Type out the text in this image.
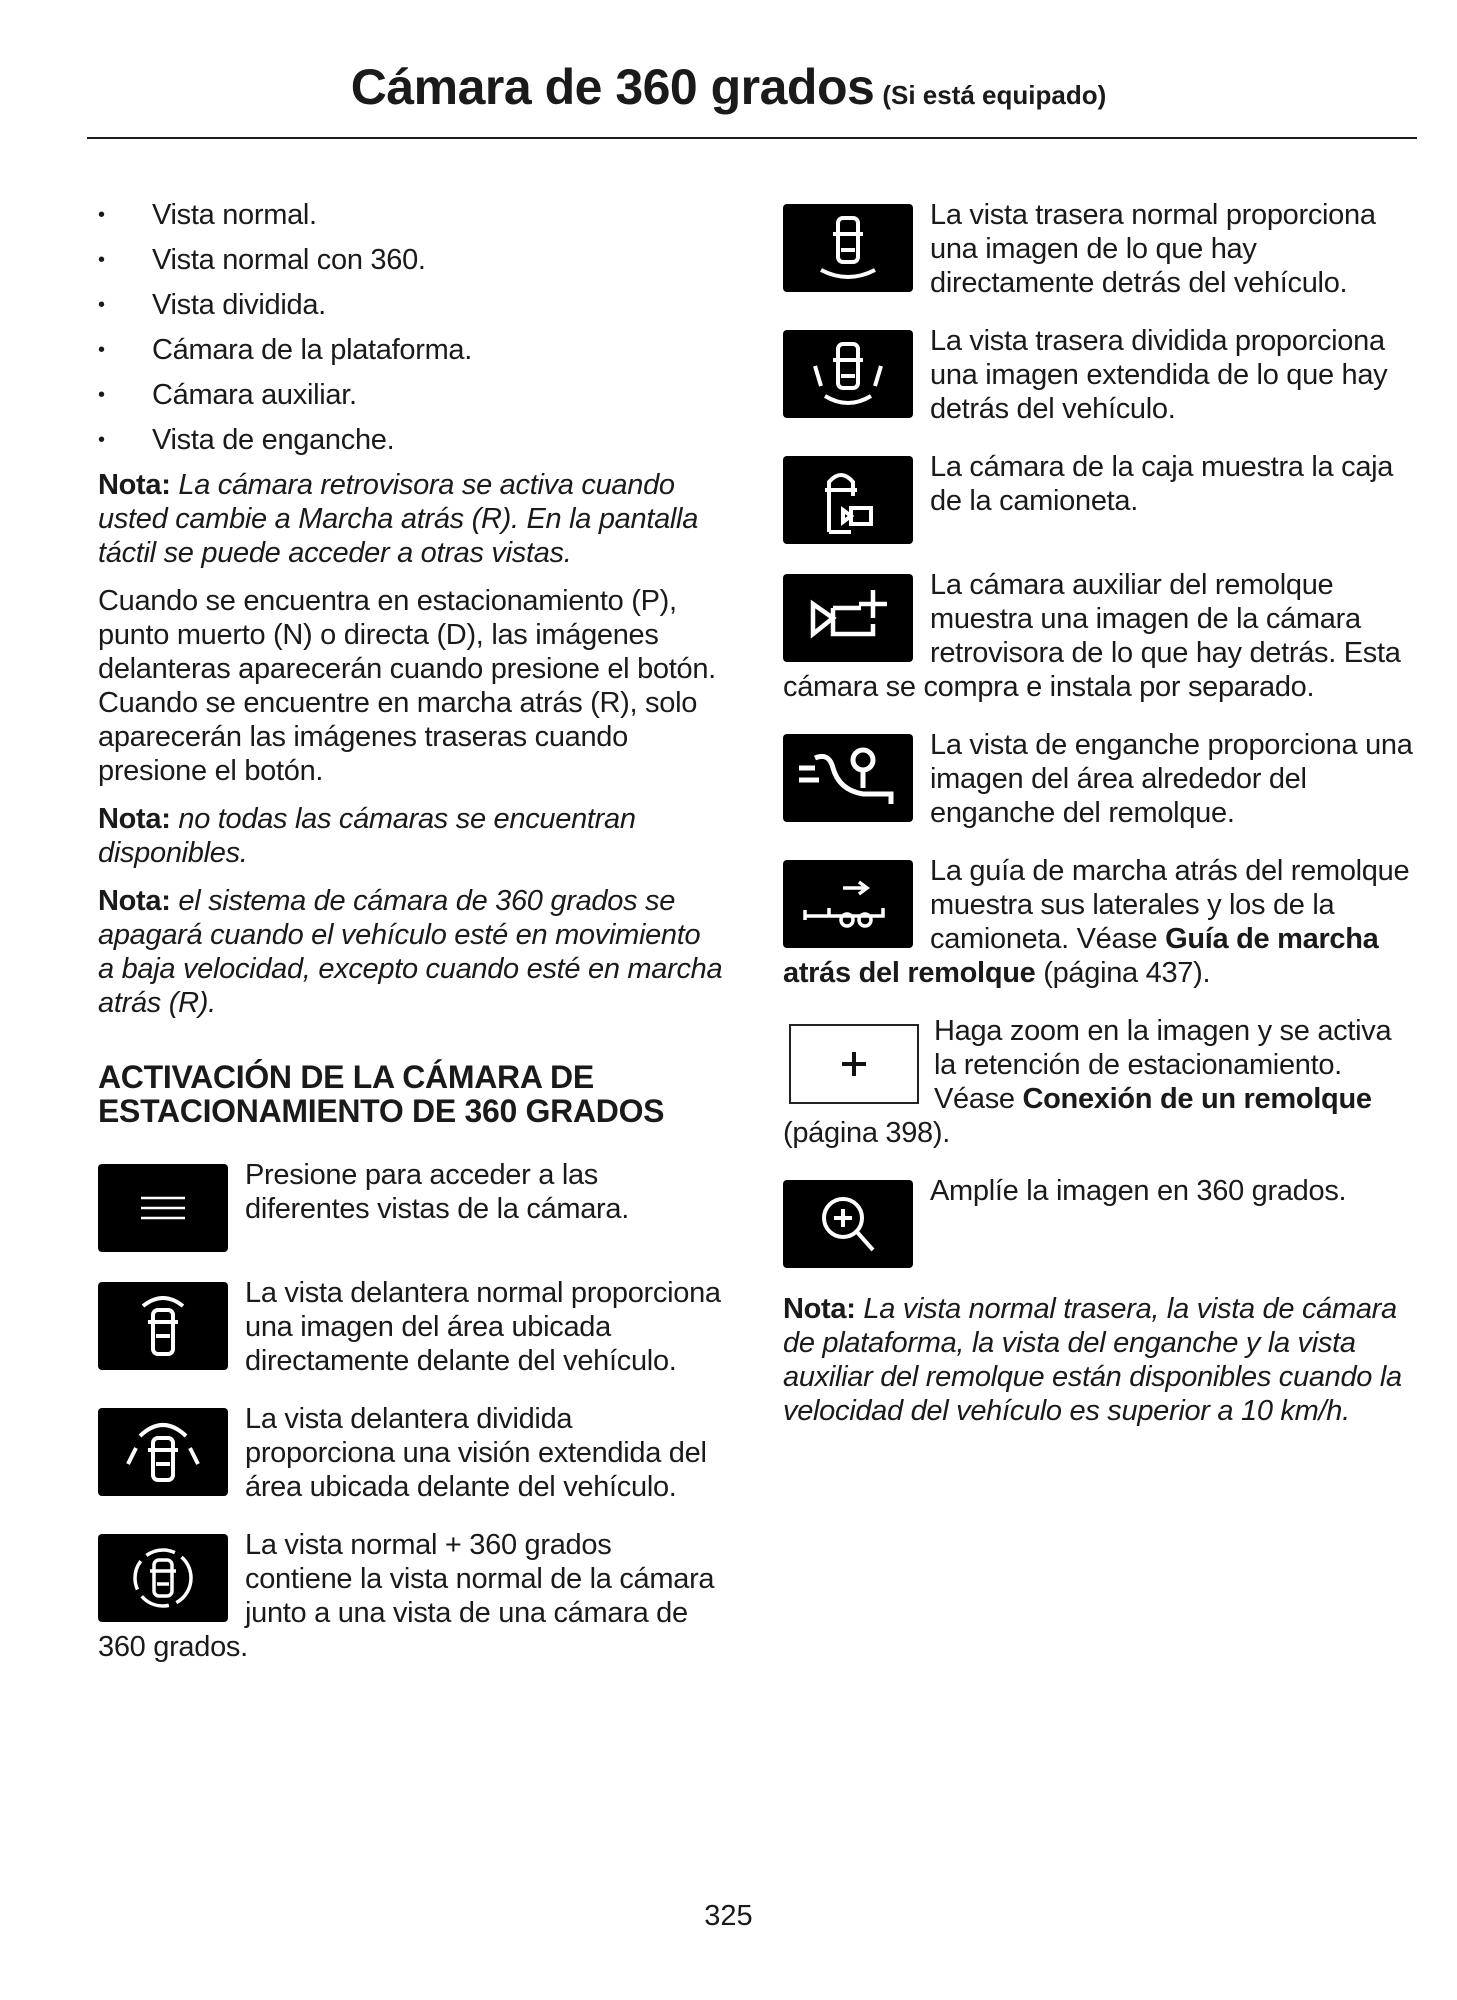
Cámara de 360 grados (Si está equipado)
• Vista normal.
• Vista normal con 360.
• Vista dividida.
• Cámara de la plataforma.
• Cámara auxiliar.
• Vista de enganche.

Nota: La cámara retrovisora se activa cuando usted cambie a Marcha atrás (R). En la pantalla táctil se puede acceder a otras vistas.

Cuando se encuentra en estacionamiento (P), punto muerto (N) o directa (D), las imágenes delanteras aparecerán cuando presione el botón. Cuando se encuentre en marcha atrás (R), solo aparecerán las imágenes traseras cuando presione el botón.

Nota: no todas las cámaras se encuentran disponibles.

Nota: el sistema de cámara de 360 grados se apagará cuando el vehículo esté en movimiento a baja velocidad, excepto cuando esté en marcha atrás (R).

ACTIVACIÓN DE LA CÁMARA DE ESTACIONAMIENTO DE 360 GRADOS
Presione para acceder a las diferentes vistas de la cámara.
La vista delantera normal proporciona una imagen del área ubicada directamente delante del vehículo.
La vista delantera dividida proporciona una visión extendida del área ubicada delante del vehículo.
La vista normal + 360 grados contiene la vista normal de la cámara junto a una vista de una cámara de 360 grados.
La vista trasera normal proporciona una imagen de lo que hay directamente detrás del vehículo.
La vista trasera dividida proporciona una imagen extendida de lo que hay detrás del vehículo.
La cámara de la caja muestra la caja de la camioneta.
La cámara auxiliar del remolque muestra una imagen de la cámara retrovisora de lo que hay detrás. Esta cámara se compra e instala por separado.
La vista de enganche proporciona una imagen del área alrededor del enganche del remolque.
La guía de marcha atrás del remolque muestra sus laterales y los de la camioneta. Véase Guía de marcha atrás del remolque (página 437).
Haga zoom en la imagen y se activa la retención de estacionamiento. Véase Conexión de un remolque (página 398).
Amplíe la imagen en 360 grados.

Nota: La vista normal trasera, la vista de cámara de plataforma, la vista del enganche y la vista auxiliar del remolque están disponibles cuando la velocidad del vehículo es superior a 10 km/h.

325
